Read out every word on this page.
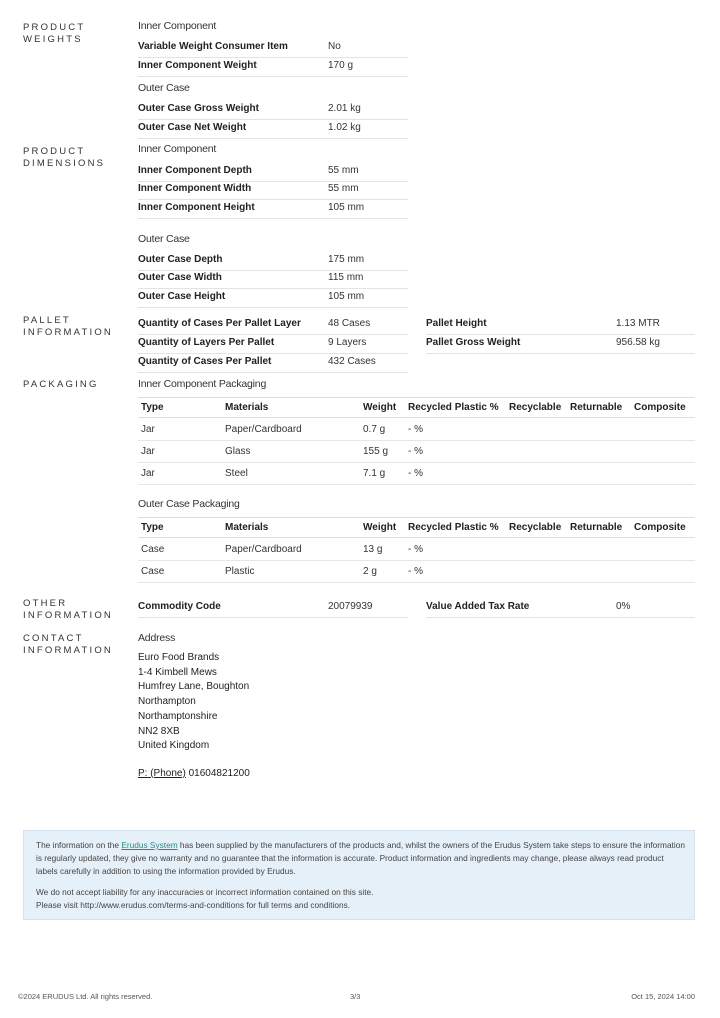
PRODUCT
WEIGHTS
PRODUCT
DIMENSIONS
PALLET
INFORMATION
PACKAGING
OTHER
INFORMATION
CONTACT
INFORMATION
Inner Component
Variable Weight Consumer Item	No
Inner Component Weight	170 g
Outer Case
Outer Case Gross Weight	2.01 kg
Outer Case Net Weight	1.02 kg
Inner Component
Inner Component Depth	55 mm
Inner Component Width	55 mm
Inner Component Height	105 mm
Outer Case
Outer Case Depth	175 mm
Outer Case Width	115 mm
Outer Case Height	105 mm
Quantity of Cases Per Pallet Layer	48 Cases
Quantity of Layers Per Pallet	9 Layers
Quantity of Cases Per Pallet	432 Cases
Pallet Height	1.13 MTR
Pallet Gross Weight	956.58 kg
Inner Component Packaging
Type	Materials	Weight Recycled Plastic % Recyclable Returnable Composite
Jar	Paper/Cardboard	0.7 g - %
Jar	Glass	155 g - %
Jar	Steel	7.1 g - %
Outer Case Packaging
Type	Materials	Weight Recycled Plastic % Recyclable Returnable Composite
Case	Paper/Cardboard	13 g	- %
Case	Plastic	2 g	- %
Commodity Code	20079939	Value Added Tax Rate	0%
Address
Euro Food Brands
1-4 Kimbell Mews
Humfrey Lane, Boughton
Northampton
Northamptonshire
NN2 8XB
United Kingdom
P: (Phone) 01604821200

The information on the Erudus System has been supplied by the manufacturers of the products and, whilst the owners of the Erudus System take steps to ensure the information is regularly updated, they give no warranty and no guarantee that the information is accurate. Product information and ingredients may change, please always read product labels carefully in addition to using the information provided by Erudus.

We do not accept liability for any inaccuracies or incorrect information contained on this site.
Please visit http://www.erudus.com/terms-and-conditions for full terms and conditions.

©2024 ERUDUS Ltd. All rights reserved.	3/3	Oct 15, 2024 14:00
